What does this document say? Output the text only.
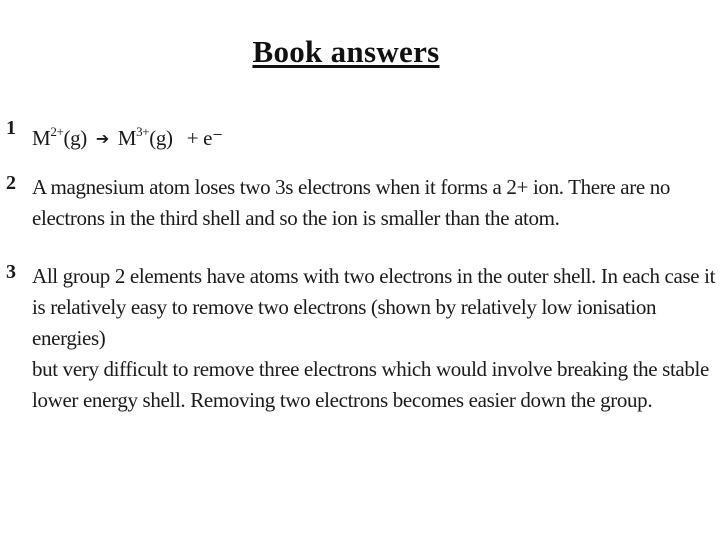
Book answers
1 $M^{2+}(g)$ ➔ $M^{3+}(g) + e^-$
2 A magnesium atom loses two 3s electrons when it forms a 2+ ion. There are no
electrons in the third shell and so the ion is smaller than the atom.
3 All group 2 elements have atoms with two electrons in the outer shell. In each case it
is relatively easy to remove two electrons (shown by relatively low ionisation energies)
but very difficult to remove three electrons which would involve breaking the stable
lower energy shell. Removing two electrons becomes easier down the group.
